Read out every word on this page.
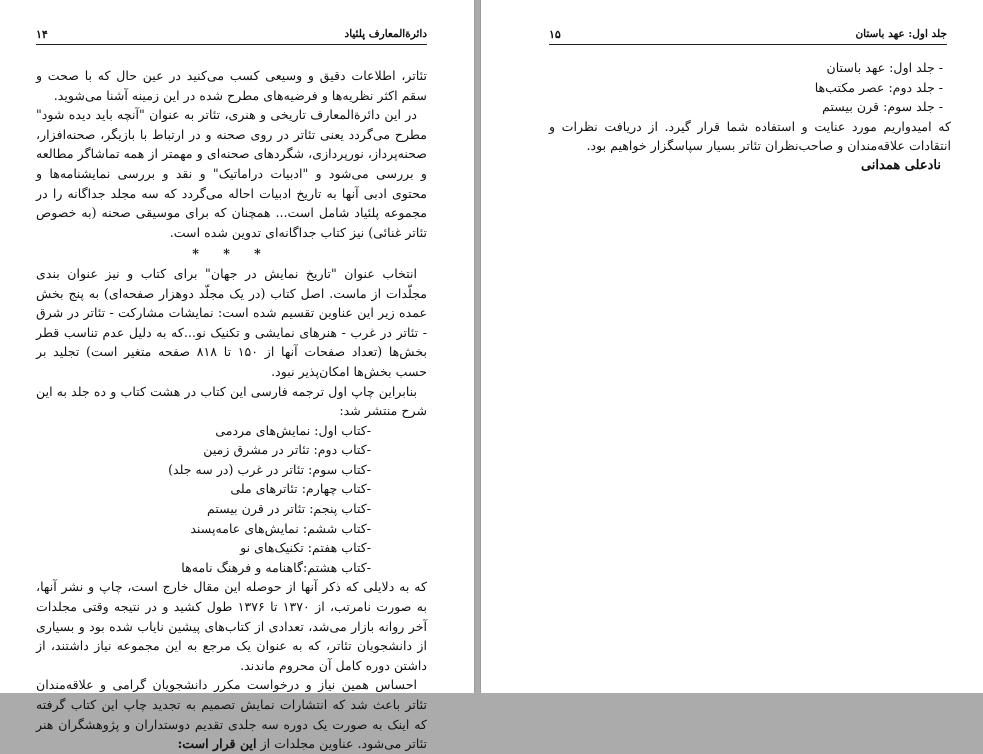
دائرةالمعارف پلئیاد
۱۴

تئاتر، اطلاعات دقیق و وسیعی کسب می‌کنید در عین حال که با صحت و سقم اکثر نظریه‌ها و فرضیه‌های مطرح شده در این زمینه آشنا می‌شوید.

در این دائرةالمعارف تاریخی و هنری، تئاتر به عنوان "آنچه باید دیده شود" مطرح می‌گردد یعنی تئاتر در روی صحنه و در ارتباط با بازیگر، صحنه‌افزار، صحنه‌پرداز، نورپردازی، شگردهای صحنه‌ای و مهمتر از همه تماشاگر مطالعه و بررسی می‌شود و "ادبیات دراماتیک" و نقد و بررسی نمایشنامه‌ها و محتوی ادبی آنها به تاریخ ادبیات احاله می‌گردد که سه مجلد جداگانه را در مجموعه پلئیاد شامل است... همچنان که برای موسیقی صحنه (به خصوص تئاتر غنائی) نیز کتاب جداگانه‌ای تدوین شده است.

* * *

انتخاب عنوان "تاریخ نمایش در جهان" برای کتاب و نیز عنوان بندی مجلّدات از ماست. اصل کتاب (در یک مجلّد دوهزار صفحه‌ای) به پنج بخش عمده زیر این عناوین تقسیم شده است: نمایشات مشارکت - تئاتر در شرق - تئاتر در غرب - هنرهای نمایشی و تکنیک نو...که به دلیل عدم تناسب قطر بخش‌ها (تعداد صفحات آنها از ۱۵۰ تا ۸۱۸ صفحه متغیر است) تجلید بر حسب بخش‌ها امکان‌پذیر نبود.

بنابراین چاپ اول ترجمه فارسی این کتاب در هشت کتاب و ده جلد به این شرح منتشر شد:

-کتاب اول: نمایش‌های مردمی
-کتاب دوم: تئاتر در مشرق زمین
-کتاب سوم: تئاتر در غرب (در سه جلد)
-کتاب چهارم: تئاترهای ملی
-کتاب پنجم: تئاتر در قرن بیستم
-کتاب ششم: نمایش‌های عامه‌پسند
-کتاب هفتم: تکنیک‌های نو
-کتاب هشتم:گاهنامه و فرهنگ نامه‌ها

که به دلایلی که ذکر آنها از حوصله این مقال خارج است، چاپ و نشر آنها، به صورت نامرتب، از ۱۳۷۰ تا ۱۳۷۶ طول کشید و در نتیجه وقتی مجلدات آخر روانه بازار می‌شد، تعدادی از کتاب‌های پیشین نایاب شده بود و بسیاری از دانشجویان تئاتر، که به عنوان یک مرجع به این مجموعه نیاز داشتند، از داشتن دوره کامل آن محروم ماندند.

احساس همین نیاز و درخواست مکرر دانشجویان گرامی و علاقه‌مندان تئاتر باعث شد که انتشارات نمایش تصمیم به تجدید چاپ این کتاب گرفته که اینک به صورت یک دوره سه جلدی تقدیم دوستداران و پژوهشگران هنر تئاتر می‌شود. عناوین مجلدات از این قرار است:

جلد اول: عهد باستان
۱۵
- جلد اول: عهد باستان
- جلد دوم: عصر مکتب‌ها
- جلد سوم: قرن بیستم

که امیدواریم مورد عنایت و استفاده شما قرار گیرد. از دریافت نظرات و انتقادات علاقه‌مندان و صاحب‌نظران تئاتر بسیار سپاسگزار خواهیم بود.

نادعلی همدانی
